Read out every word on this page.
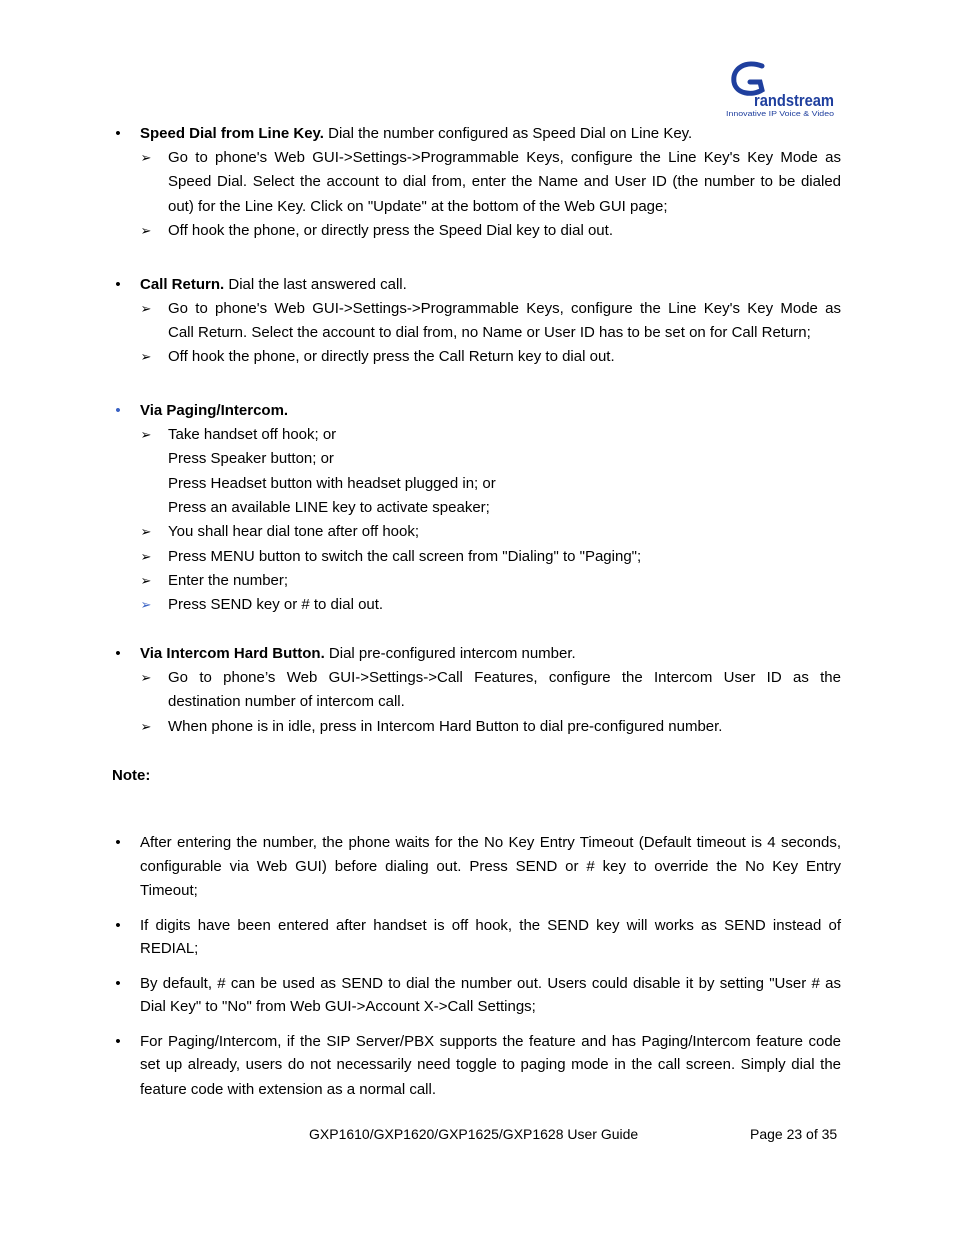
randstream
Innovative IP Voice & Video
• Speed Dial from Line Key. Dial the number configured as Speed Dial on Line Key.
➢ Go to phone's Web GUI->Settings->Programmable Keys, configure the Line Key's Key Mode as
Speed Dial. Select the account to dial from, enter the Name and User ID (the number to be dialed
out) for the Line Key. Click on "Update" at the bottom of the Web GUI page;
➢ Off hook the phone, or directly press the Speed Dial key to dial out.
• Call Return. Dial the last answered call.
➢ Go to phone's Web GUI->Settings->Programmable Keys, configure the Line Key's Key Mode as
Call Return. Select the account to dial from, no Name or User ID has to be set on for Call Return;
➢ Off hook the phone, or directly press the Call Return key to dial out.
• Via Paging/Intercom.
➢ Take handset off hook; or
Press Speaker button; or
Press Headset button with headset plugged in; or
Press an available LINE key to activate speaker;
➢ You shall hear dial tone after off hook;
➢ Press MENU button to switch the call screen from "Dialing" to "Paging";
➢ Enter the number;
➢ Press SEND key or # to dial out.
• Via Intercom Hard Button. Dial pre-configured intercom number.
➢ Go to phone’s Web GUI->Settings->Call Features, configure the Intercom User ID as the
destination number of intercom call.
➢ When phone is in idle, press in Intercom Hard Button to dial pre-configured number.
Note:
• After entering the number, the phone waits for the No Key Entry Timeout (Default timeout is 4 seconds,
configurable via Web GUI) before dialing out. Press SEND or # key to override the No Key Entry
Timeout;
• If digits have been entered after handset is off hook, the SEND key will works as SEND instead of
REDIAL;
• By default, # can be used as SEND to dial the number out. Users could disable it by setting "User # as
Dial Key" to "No" from Web GUI->Account X->Call Settings;
• For Paging/Intercom, if the SIP Server/PBX supports the feature and has Paging/Intercom feature code
set up already, users do not necessarily need toggle to paging mode in the call screen. Simply dial the
feature code with extension as a normal call.
GXP1610/GXP1620/GXP1625/GXP1628 User Guide	Page 23 of 35
